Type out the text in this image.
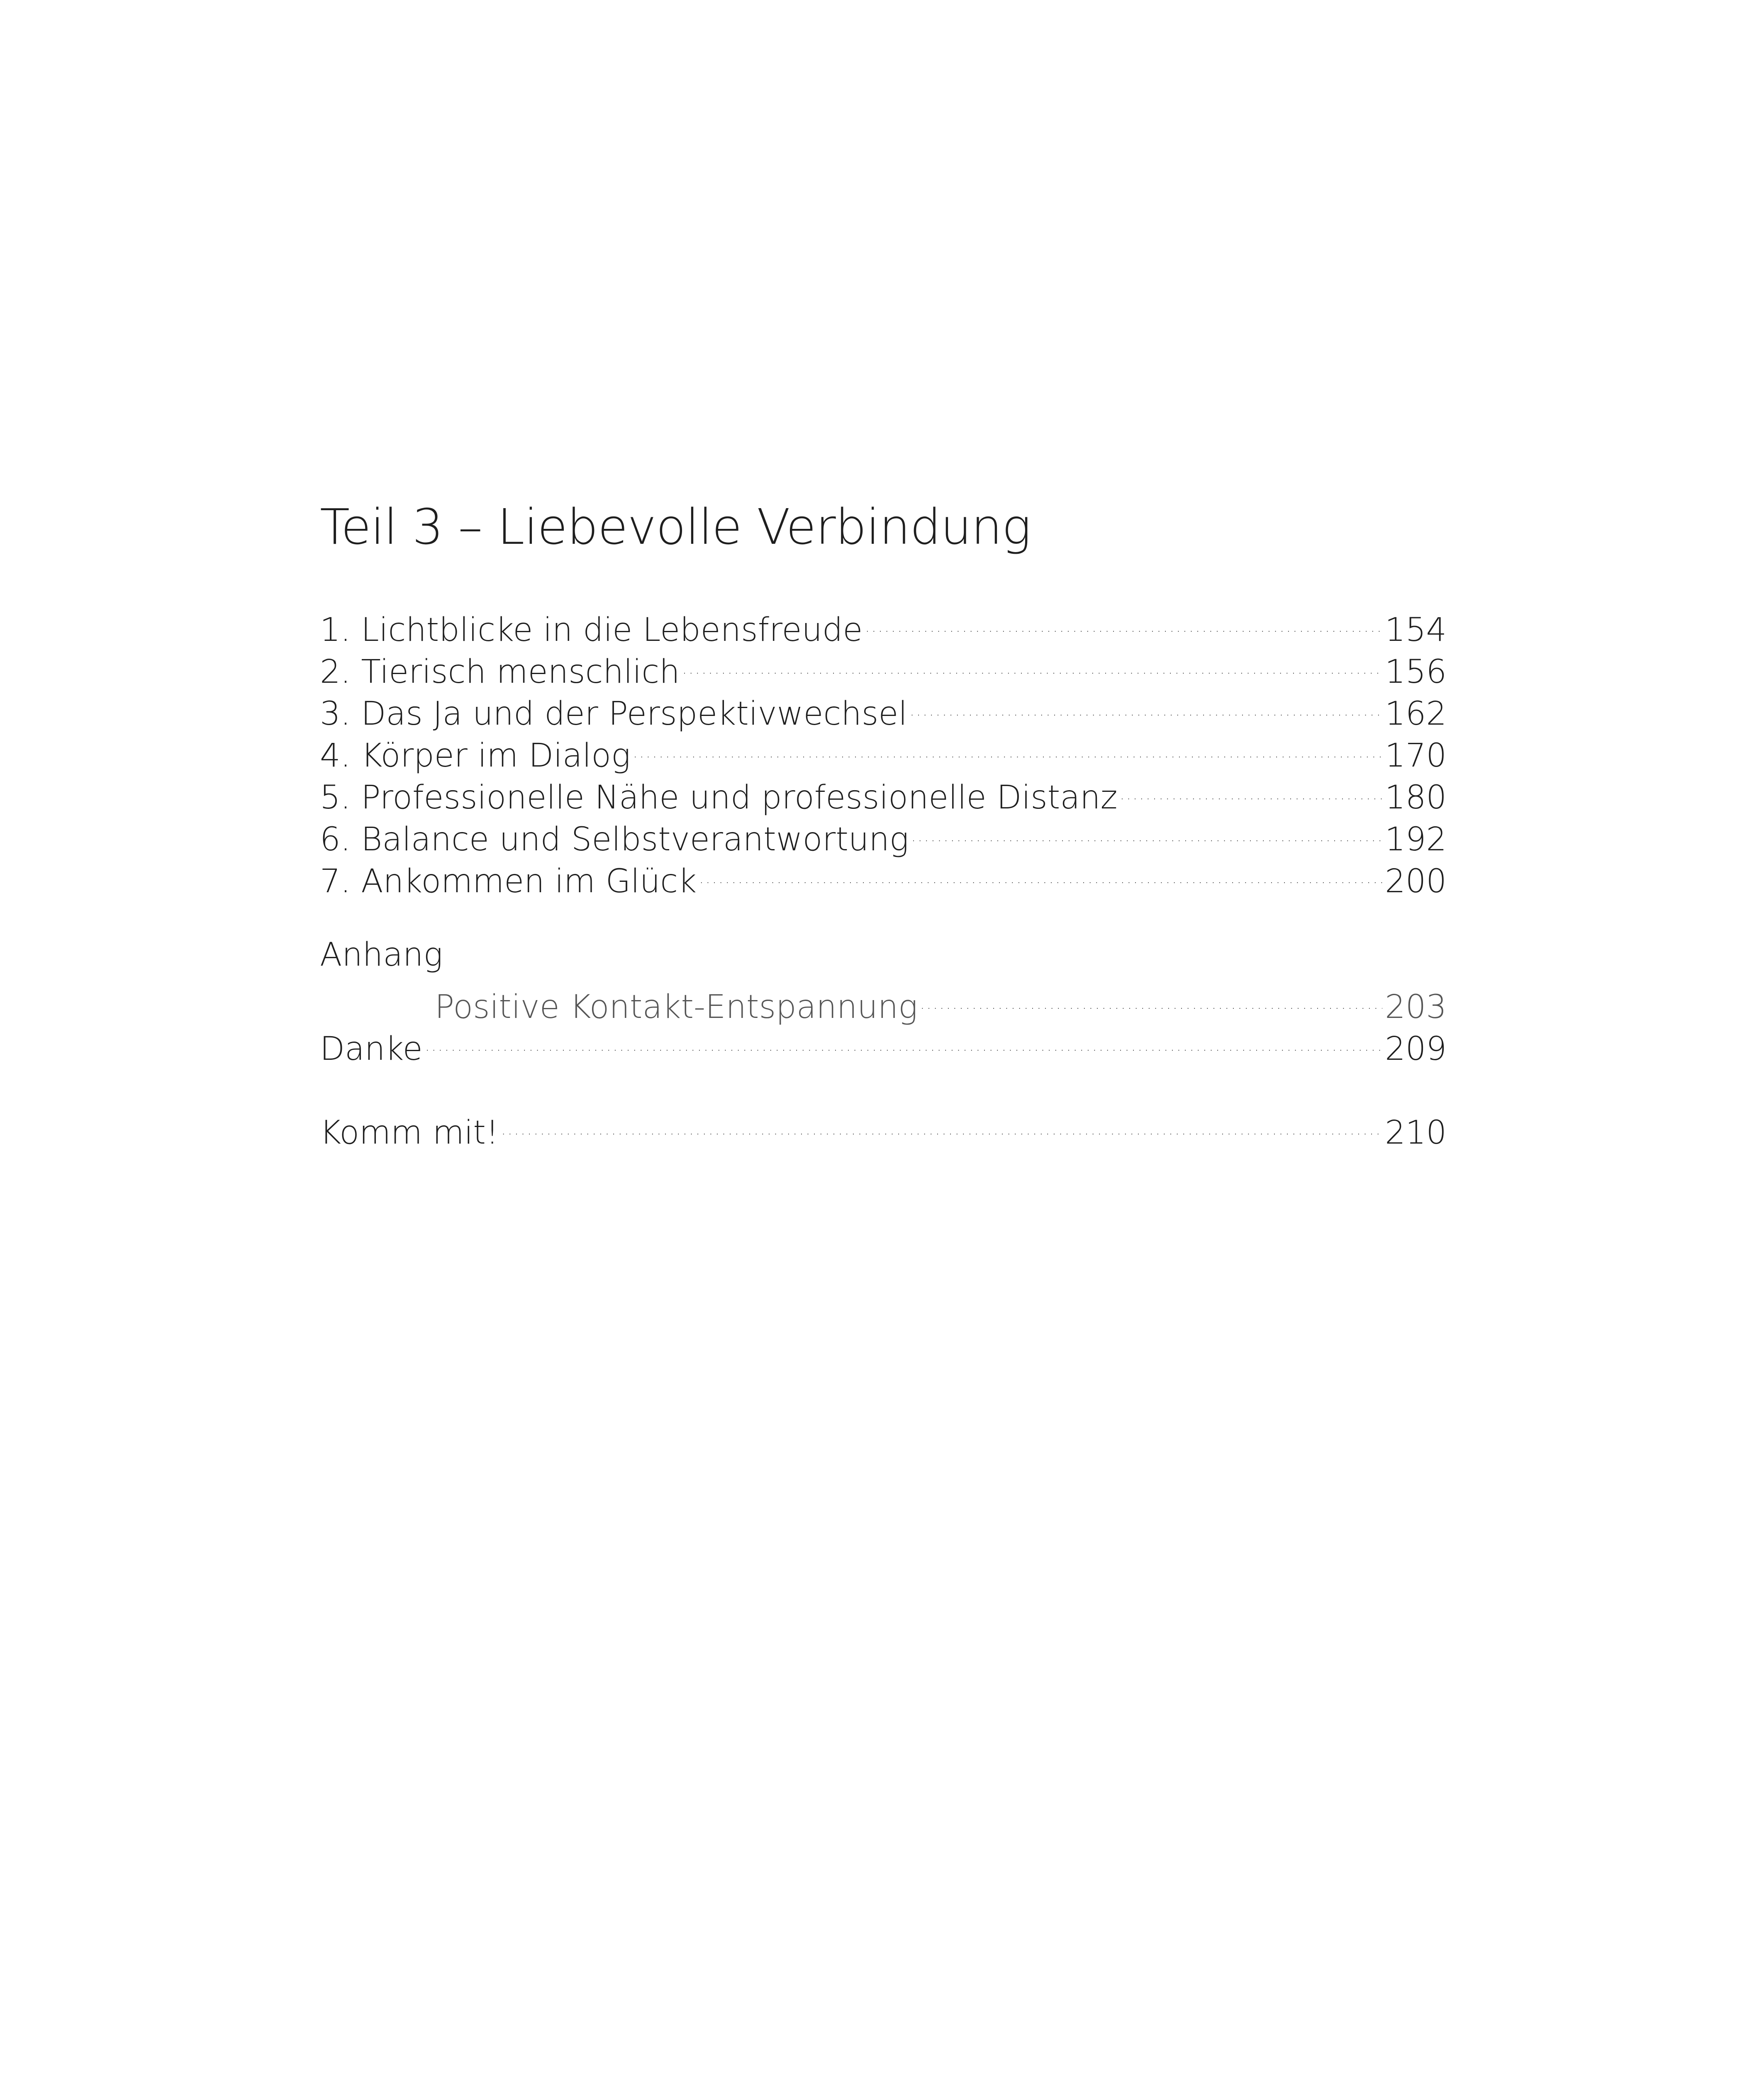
Teil 3 – Liebevolle Verbindung
1. Lichtblicke in die Lebensfreude . . .	154
2. Tierisch menschlich . . .	156
3. Das Ja und der Perspektivwechsel . . .	162
4. Körper im Dialog . . .	170
5. Professionelle Nähe und professionelle Distanz . . .	180
6. Balance und Selbstverantwortung . . .	192
7. Ankommen im Glück . . .	200
Anhang
Positive Kontakt-Entspannung . . .	203
Danke . . .	209
Komm mit! . . .	210
